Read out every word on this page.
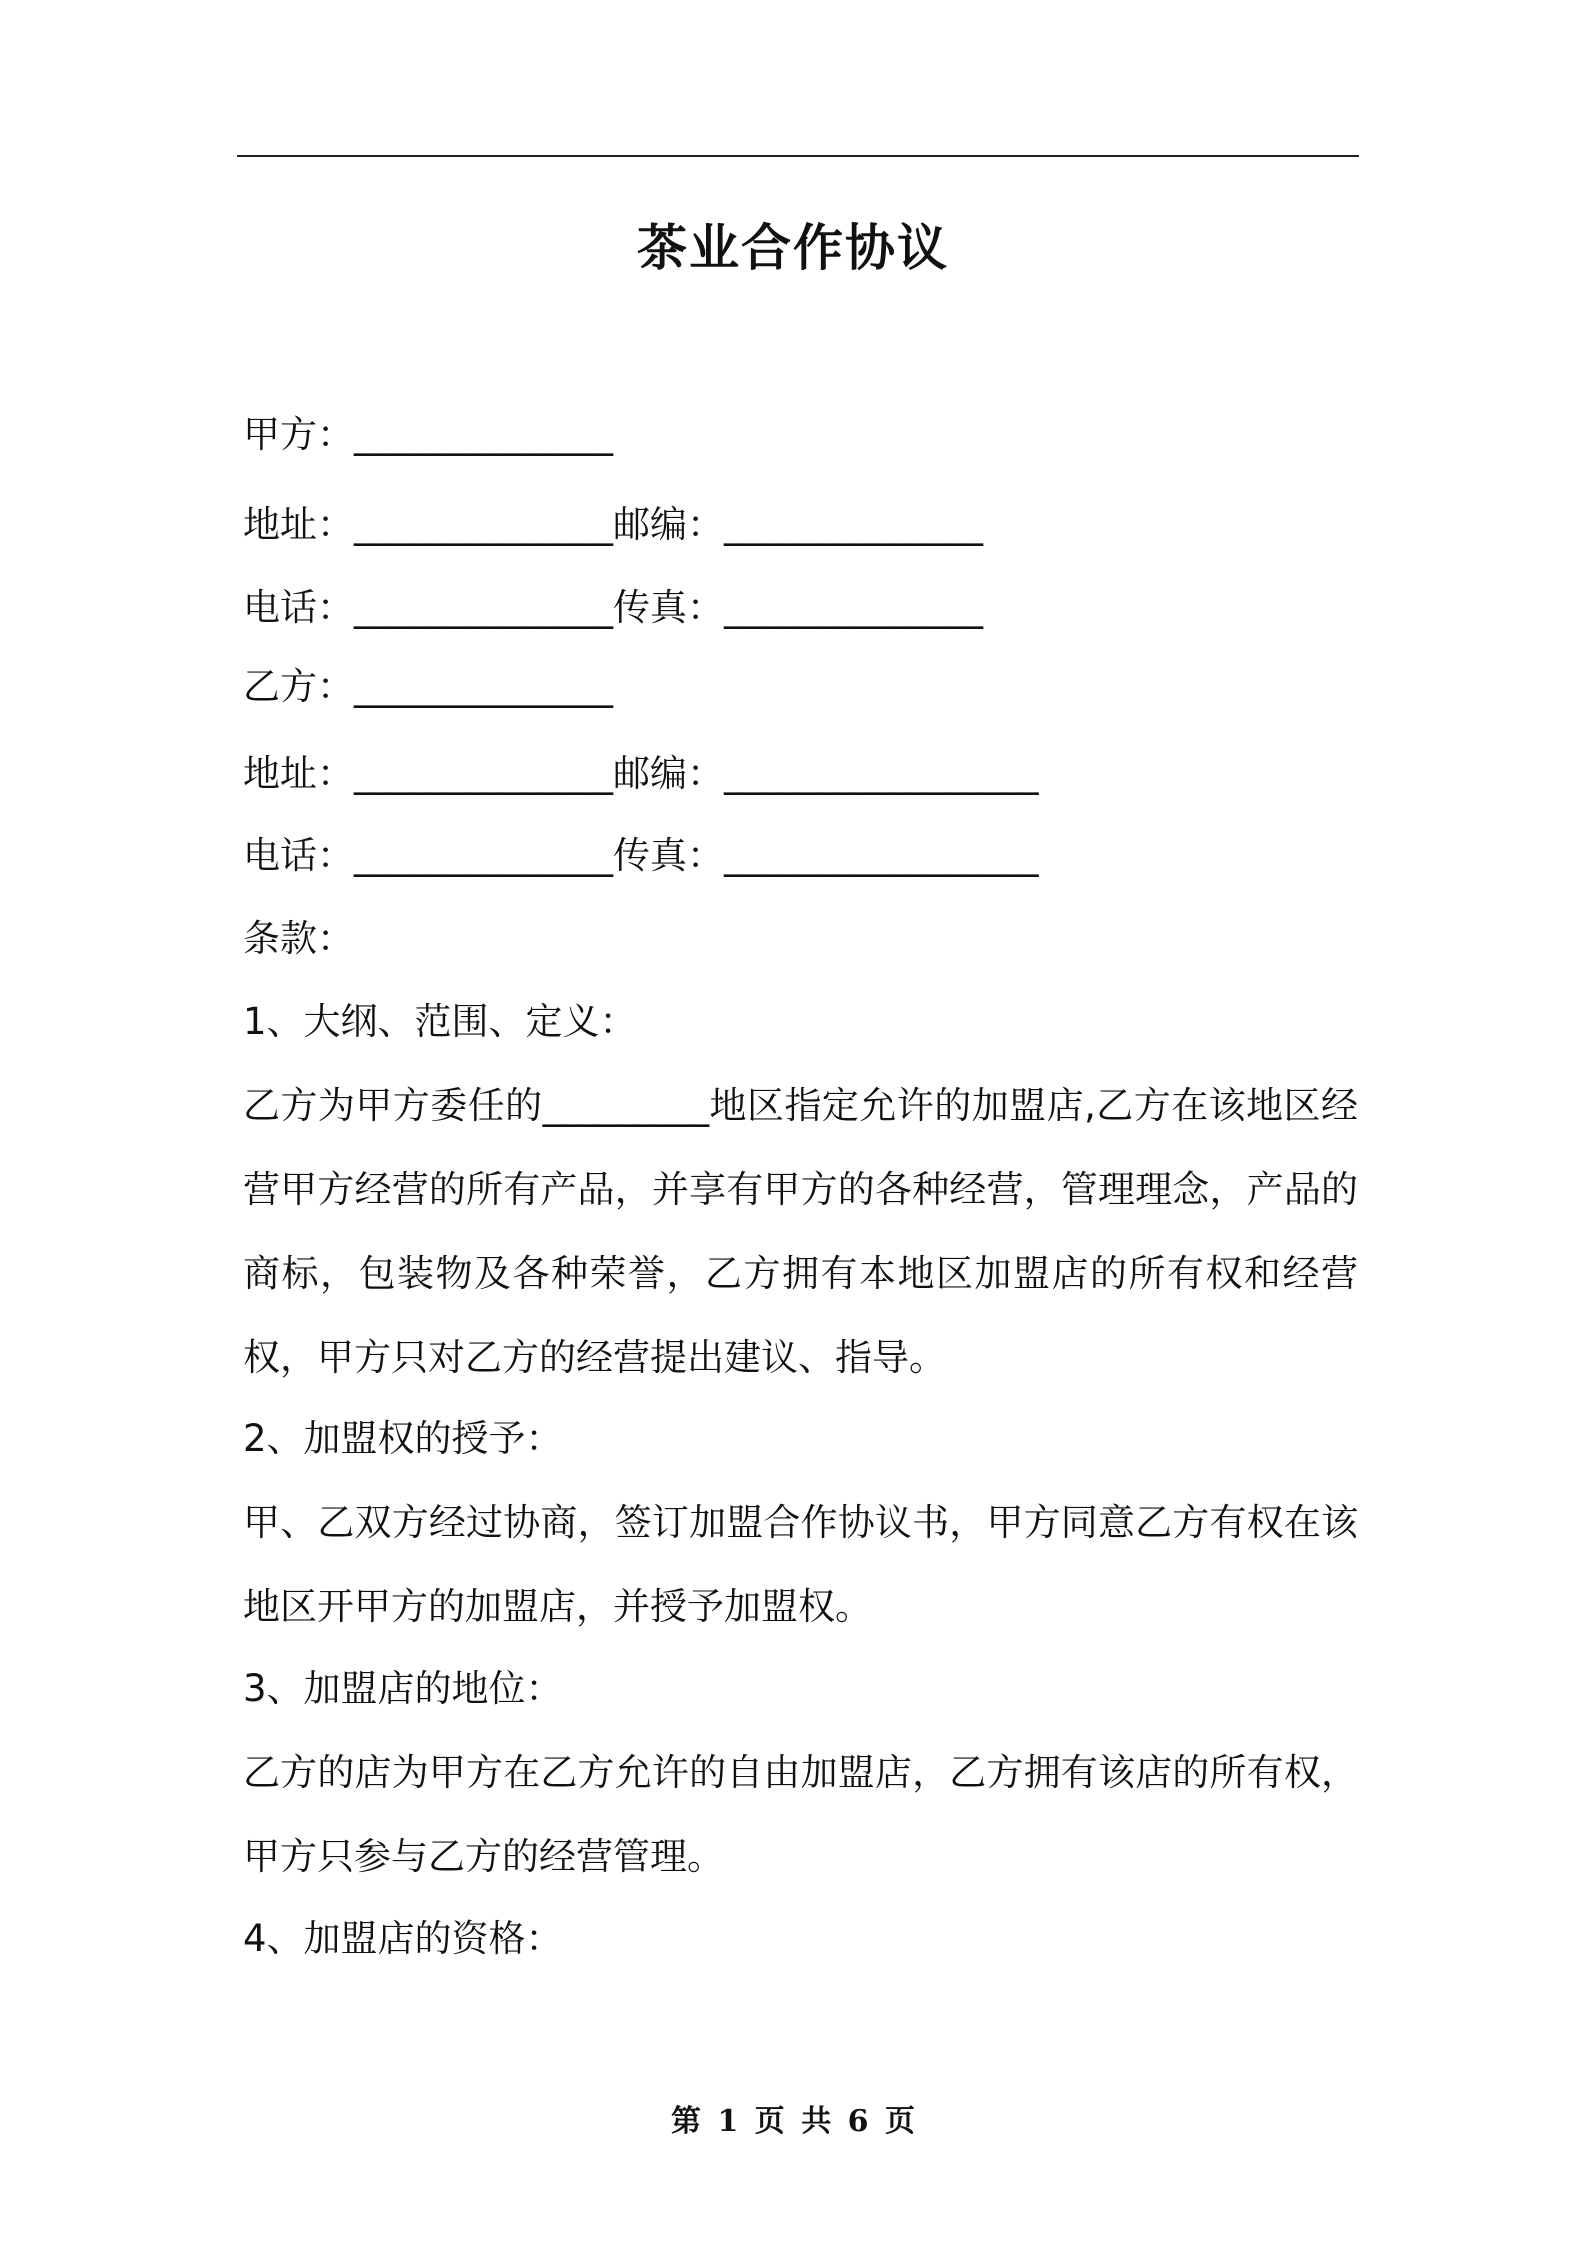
茶业合作协议
甲方：______________
地址：______________邮编：______________
电话：______________传真：______________
乙方：______________
地址：______________邮编：_________________
电话：______________传真：_________________
条款：
1、大纲、范围、定义：
乙方为甲方委任的_________地区指定允许的加盟店,乙方在该地区经营甲方经营的所有产品，并享有甲方的各种经营，管理理念，产品的商标，包装物及各种荣誉，乙方拥有本地区加盟店的所有权和经营权，甲方只对乙方的经营提出建议、指导。
2、加盟权的授予：
甲、乙双方经过协商，签订加盟合作协议书，甲方同意乙方有权在该地区开甲方的加盟店，并授予加盟权。
3、加盟店的地位：
乙方的店为甲方在乙方允许的自由加盟店，乙方拥有该店的所有权，甲方只参与乙方的经营管理。
4、加盟店的资格：
第 1 页 共 6 页
